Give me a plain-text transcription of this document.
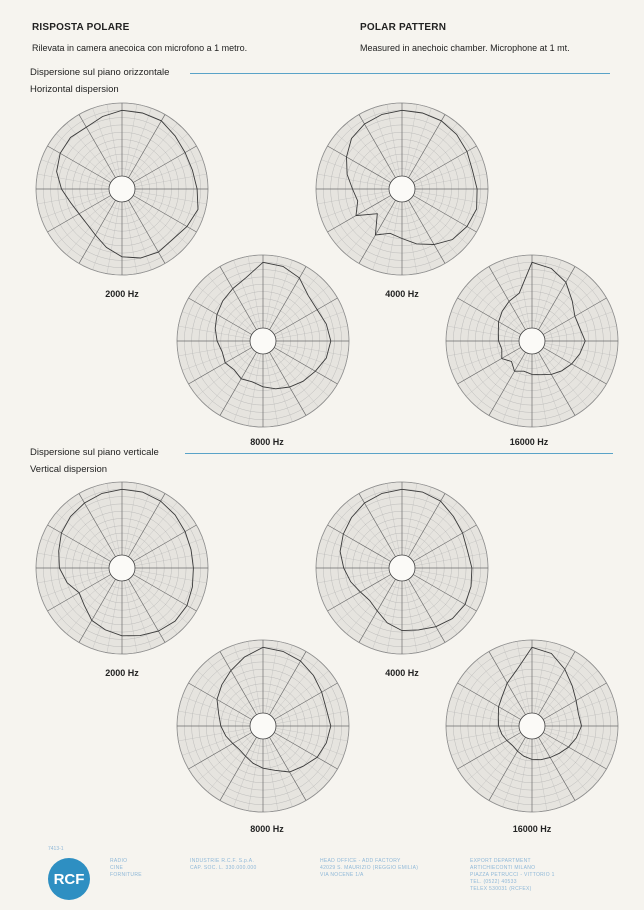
RISPOSTA POLARE	POLAR PATTERN
Rilevata in camera anecoica con microfono a 1 metro.	Measured in anechoic chamber. Microphone at 1 mt.
Dispersione sul piano orizzontale
Horizontal dispersion
2000 Hz	4000 Hz
8000 Hz	16000 Hz
Dispersione sul piano verticale
Vertical dispersion
2000 Hz	4000 Hz
8000 Hz	16000 Hz
7413-1
RCF
RADIO
CINE
FORNITURE
INDUSTRIE R.C.F. S.p.A.
CAP. SOC. L. 330.000.000
HEAD OFFICE - ADD FACTORY
42029 S. MAURIZIO (REGGIO EMILIA)
VIA NOCENE 1/A
EXPORT DEPARTMENT
ARTICHIECONTI MILANO
PIAZZA PETRUCCI - VITTORIO 1
TEL. (0522) 40533
TELEX 530031 (RCFEX)
